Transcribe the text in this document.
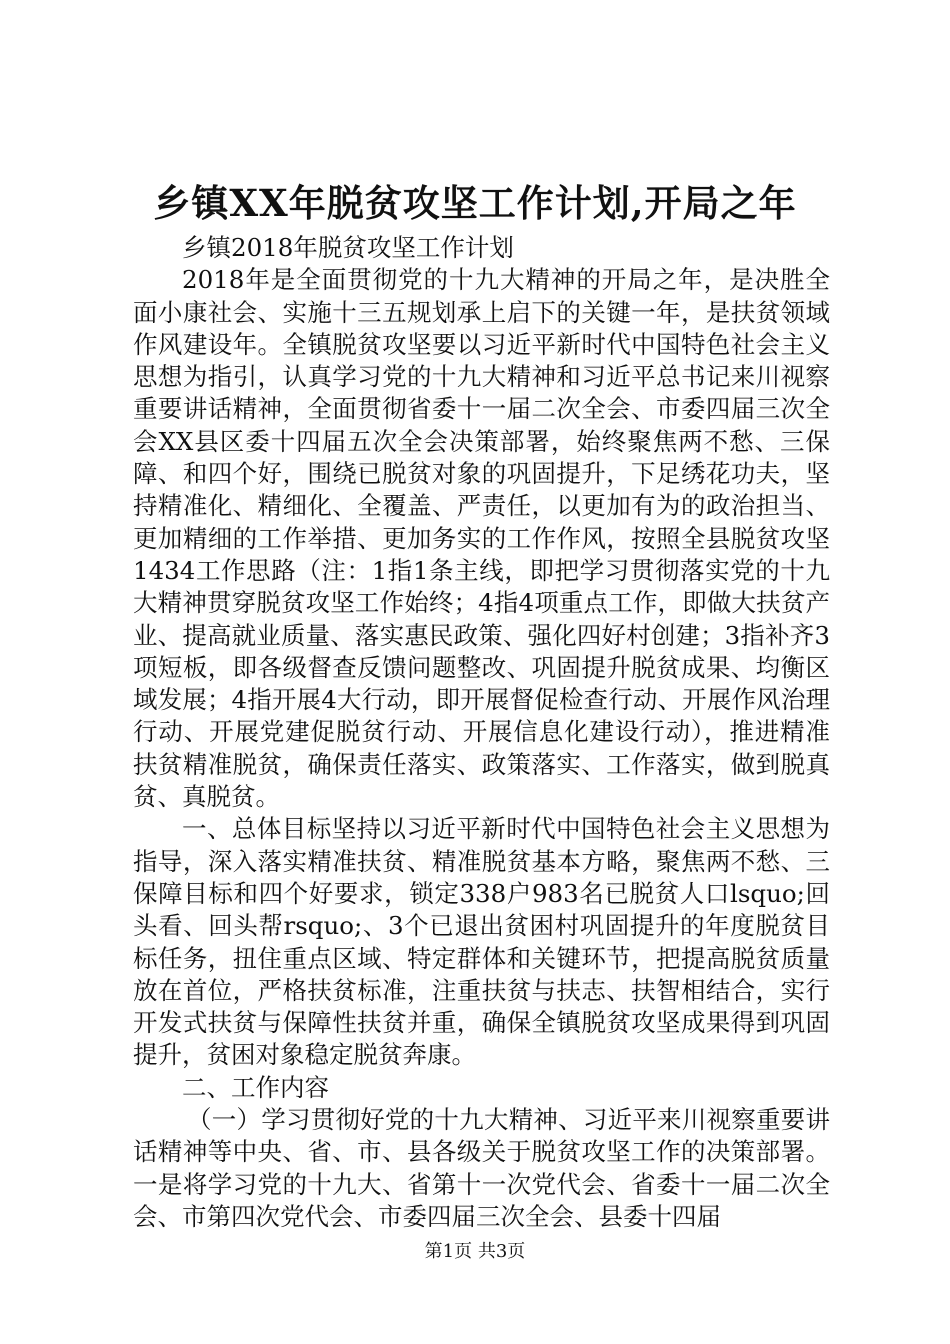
乡镇XX年脱贫攻坚工作计划,开局之年

乡镇2018年脱贫攻坚工作计划

2018年是全面贯彻党的十九大精神的开局之年，是决胜全面小康社会、实施十三五规划承上启下的关键一年，是扶贫领域作风建设年。全镇脱贫攻坚要以习近平新时代中国特色社会主义思想为指引，认真学习党的十九大精神和习近平总书记来川视察重要讲话精神，全面贯彻省委十一届二次全会、市委四届三次全会XX县区委十四届五次全会决策部署，始终聚焦两不愁、三保障、和四个好，围绕已脱贫对象的巩固提升，下足绣花功夫，坚持精准化、精细化、全覆盖、严责任，以更加有为的政治担当、更加精细的工作举措、更加务实的工作作风，按照全县脱贫攻坚1434工作思路（注：1指1条主线，即把学习贯彻落实党的十九大精神贯穿脱贫攻坚工作始终；4指4项重点工作，即做大扶贫产业、提高就业质量、落实惠民政策、强化四好村创建；3指补齐3项短板，即各级督查反馈问题整改、巩固提升脱贫成果、均衡区域发展；4指开展4大行动，即开展督促检查行动、开展作风治理行动、开展党建促脱贫行动、开展信息化建设行动），推进精准扶贫精准脱贫，确保责任落实、政策落实、工作落实，做到脱真贫、真脱贫。

一、总体目标坚持以习近平新时代中国特色社会主义思想为指导，深入落实精准扶贫、精准脱贫基本方略，聚焦两不愁、三保障目标和四个好要求，锁定338户983名已脱贫人口lsquo;回头看、回头帮rsquo;、3个已退出贫困村巩固提升的年度脱贫目标任务，扭住重点区域、特定群体和关键环节，把提高脱贫质量放在首位，严格扶贫标准，注重扶贫与扶志、扶智相结合，实行开发式扶贫与保障性扶贫并重，确保全镇脱贫攻坚成果得到巩固提升，贫困对象稳定脱贫奔康。

二、工作内容

（一）学习贯彻好党的十九大精神、习近平来川视察重要讲话精神等中央、省、市、县各级关于脱贫攻坚工作的决策部署。一是将学习党的十九大、省第十一次党代会、省委十一届二次全会、市第四次党代会、市委四届三次全会、县委十四届

第1页 共3页
